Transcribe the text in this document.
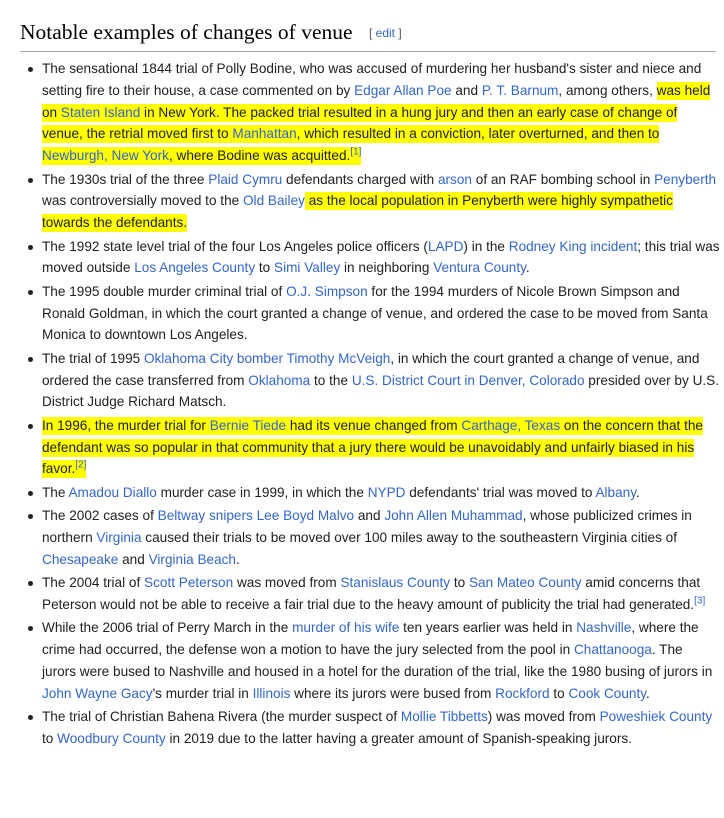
Notable examples of changes of venue [ edit ]
The sensational 1844 trial of Polly Bodine, who was accused of murdering her husband's sister and niece and setting fire to their house, a case commented on by Edgar Allan Poe and P. T. Barnum, among others, was held on Staten Island in New York. The packed trial resulted in a hung jury and then an early case of change of venue, the retrial moved first to Manhattan, which resulted in a conviction, later overturned, and then to Newburgh, New York, where Bodine was acquitted.[1]
The 1930s trial of the three Plaid Cymru defendants charged with arson of an RAF bombing school in Penyberth was controversially moved to the Old Bailey as the local population in Penyberth were highly sympathetic towards the defendants.
The 1992 state level trial of the four Los Angeles police officers (LAPD) in the Rodney King incident; this trial was moved outside Los Angeles County to Simi Valley in neighboring Ventura County.
The 1995 double murder criminal trial of O.J. Simpson for the 1994 murders of Nicole Brown Simpson and Ronald Goldman, in which the court granted a change of venue, and ordered the case to be moved from Santa Monica to downtown Los Angeles.
The trial of 1995 Oklahoma City bomber Timothy McVeigh, in which the court granted a change of venue, and ordered the case transferred from Oklahoma to the U.S. District Court in Denver, Colorado presided over by U.S. District Judge Richard Matsch.
In 1996, the murder trial for Bernie Tiede had its venue changed from Carthage, Texas on the concern that the defendant was so popular in that community that a jury there would be unavoidably and unfairly biased in his favor.[2]
The Amadou Diallo murder case in 1999, in which the NYPD defendants' trial was moved to Albany.
The 2002 cases of Beltway snipers Lee Boyd Malvo and John Allen Muhammad, whose publicized crimes in northern Virginia caused their trials to be moved over 100 miles away to the southeastern Virginia cities of Chesapeake and Virginia Beach.
The 2004 trial of Scott Peterson was moved from Stanislaus County to San Mateo County amid concerns that Peterson would not be able to receive a fair trial due to the heavy amount of publicity the trial had generated.[3]
While the 2006 trial of Perry March in the murder of his wife ten years earlier was held in Nashville, where the crime had occurred, the defense won a motion to have the jury selected from the pool in Chattanooga. The jurors were bused to Nashville and housed in a hotel for the duration of the trial, like the 1980 busing of jurors in John Wayne Gacy's murder trial in Illinois where its jurors were bused from Rockford to Cook County.
The trial of Christian Bahena Rivera (the murder suspect of Mollie Tibbetts) was moved from Poweshiek County to Woodbury County in 2019 due to the latter having a greater amount of Spanish-speaking jurors.
